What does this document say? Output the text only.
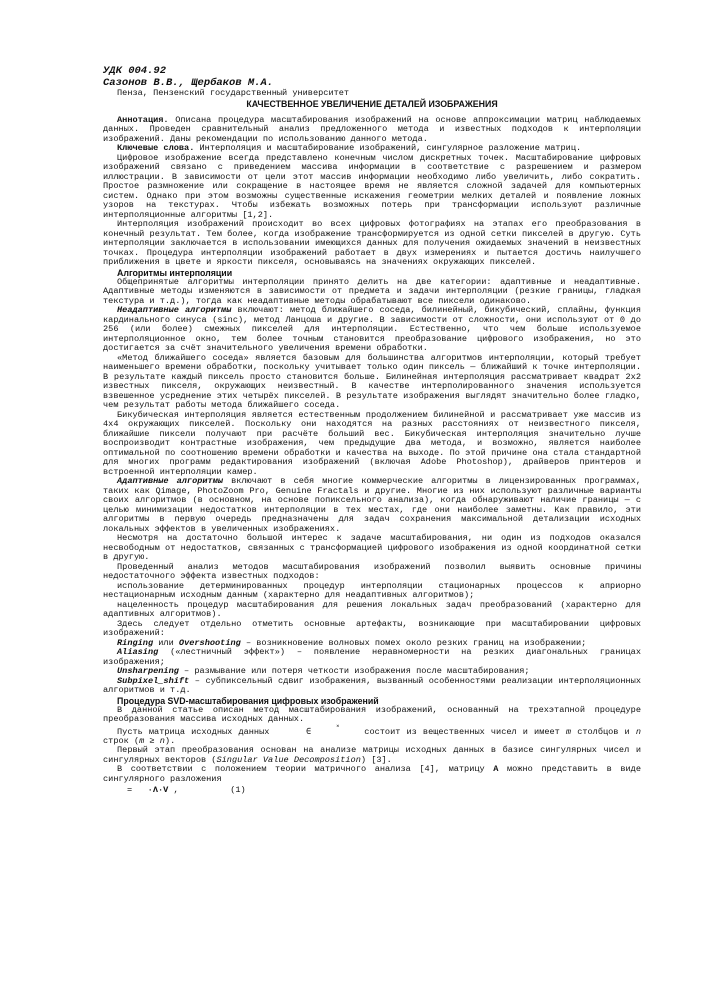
УДК 004.92
Сазонов В.В., Щербаков М.А.
Пенза, Пензенский государственный университет
КАЧЕСТВЕННОЕ УВЕЛИЧЕНИЕ ДЕТАЛЕЙ ИЗОБРАЖЕНИЯ

Аннотация. Описана процедура масштабирования изображений на основе аппроксимации матриц наблюдаемых данных. Проведен сравнительный анализ предложенного метода и известных подходов к интерполяции изображений. Даны рекомендации по использованию данного метода.

Ключевые слова. Интерполяция и масштабирование изображений, сингулярное разложение матриц.

Цифровое изображение всегда представлено конечным числом дискретных точек. Масштабирование цифровых изображений связано с приведением массива информации в соответствие с разрешением и размером иллюстрации. В зависимости от цели этот массив информации необходимо либо увеличить, либо сократить. Простое размножение или сокращение в настоящее время не является сложной задачей для компьютерных систем. Однако при этом возможны существенные искажения геометрии мелких деталей и появление ложных узоров на текстурах. Чтобы избежать возможных потерь при трансформации используют различные интерполяционные алгоритмы [1,2].

Интерполяция изображений происходит во всех цифровых фотографиях на этапах его преобразования в конечный результат. Тем более, когда изображение трансформируется из одной сетки пикселей в другую. Суть интерполяции заключается в использовании имеющихся данных для получения ожидаемых значений в неизвестных точках. Процедура интерполяции изображений работает в двух измерениях и пытается достичь наилучшего приближения в цвете и яркости пикселя, основываясь на значениях окружающих пикселей.

Алгоритмы интерполяции

Общепринятые алгоритмы интерполяции принято делить на две категории: адаптивные и неадаптивные. Адаптивные методы изменяются в зависимости от предмета и задачи интерполяции (резкие границы, гладкая текстура и т.д.), тогда как неадаптивные методы обрабатывают все пиксели одинаково.

Неадаптивные алгоритмы включают: метод ближайшего соседа, билинейный, бикубический, сплайны, функция кардинального синуса (sinc), метод Ланцоша и другие. В зависимости от сложности, они используют от 0 до 256 (или более) смежных пикселей для интерполяции. Естественно, что чем больше используемое интерполяционное окно, тем более точным становится преобразование цифрового изображения, но это достигается за счёт значительного увеличения времени обработки.

«Метод ближайшего соседа» является базовым для большинства алгоритмов интерполяции, который требует наименьшего времени обработки, поскольку учитывает только один пиксель — ближайший к точке интерполяции. В результате каждый пиксель просто становится больше. Билинейная интерполяция рассматривает квадрат 2х2 известных пикселя, окружающих неизвестный. В качестве интерполированного значения используется взвешенное усреднение этих четырёх пикселей. В результате изображения выглядят значительно более гладко, чем результат работы метода ближайшего соседа.

Бикубическая интерполяция является естественным продолжением билинейной и рассматривает уже массив из 4х4 окружающих пикселей. Поскольку они находятся на разных расстояниях от неизвестного пикселя, ближайшие пиксели получают при расчёте больший вес. Бикубическая интерполяция значительно лучше воспроизводит контрастные изображения, чем предыдущие два метода, и возможно, является наиболее оптимальной по соотношению времени обработки и качества на выходе. По этой причине она стала стандартной для многих программ редактирования изображений (включая Adobe Photoshop), драйверов принтеров и встроенной интерполяции камер.

Адаптивные алгоритмы включают в себя многие коммерческие алгоритмы в лицензированных программах, таких как Qimage, PhotoZoom Pro, Genuine Fractals и другие. Многие из них используют различные варианты своих алгоритмов (в основном, на основе попиксельного анализа), когда обнаруживают наличие границы — с целью минимизации недостатков интерполяции в тех местах, где они наиболее заметны. Как правило, эти алгоритмы в первую очередь предназначены для задач сохранения максимальной детализации исходных локальных эффектов в увеличенных изображениях.

Несмотря на достаточно большой интерес к задаче масштабирования, ни один из подходов оказался несвободным от недостатков, связанных с трансформацией цифрового изображения из одной координатной сетки в другую.

Проведенный анализ методов масштабирования изображений позволил выявить основные причины недостаточного эффекта известных подходов:

использование детерминированных процедур интерполяции стационарных процессов к априорно нестационарным исходным данным (характерно для неадаптивных алгоритмов);

нацеленность процедур масштабирования для решения локальных задач преобразований (характерно для адаптивных алгоритмов).

Здесь следует отдельно отметить основные артефакты, возникающие при масштабировании цифровых изображений:

Ringing или Overshooting – возникновение волновых помех около резких границ на изображении;

Aliasing («лестничный эффект») – появление неравномерности на резких диагональных границах изображения;

Unsharpening – размывание или потеря четкости изображения после масштабирования;

Subpixel_shift – субпиксельный сдвиг изображения, вызванный особенностями реализации интерполяционных алгоритмов и т.д.

Процедура SVD-масштабирования цифровых изображений

В данной статье описан метод масштабирования изображений, основанный на трехэтапной процедуре преобразования массива исходных данных.

Пусть матрица исходных данных	∈	˟	состоит из вещественных чисел и имеет m столбцов и n строк (m ≥ n).

Первый этап преобразования основан на анализе матрицы исходных данных в базисе сингулярных чисел и сингулярных векторов (Singular Value Decomposition) [3].

В соответствии с положением теории матричного анализа [4], матрицу A можно представить в виде сингулярного разложения

= ·Λ·V ,	(1)
